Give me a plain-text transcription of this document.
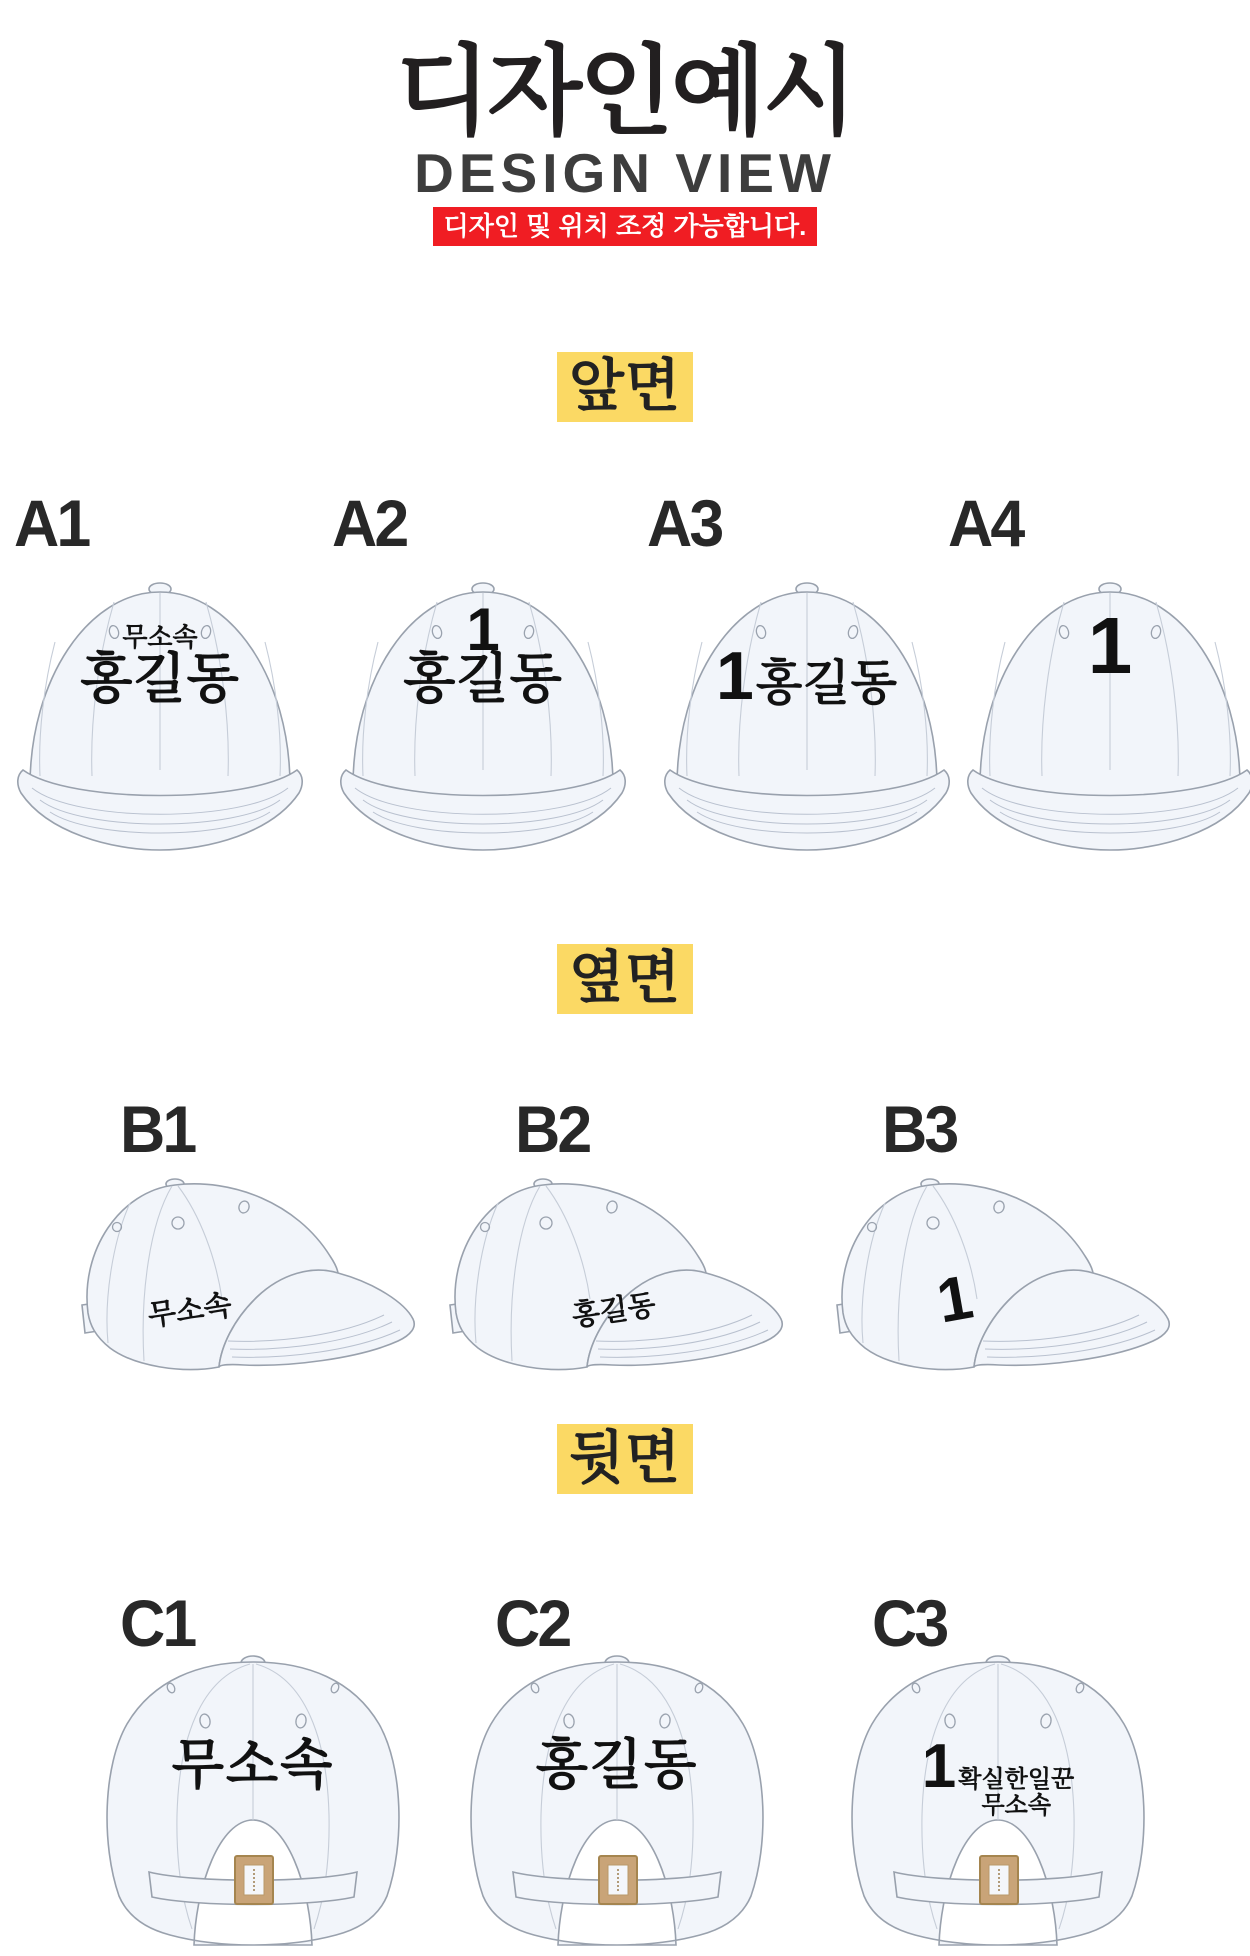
디자인예시
DESIGN VIEW
디자인 및 위치 조정 가능합니다.
앞면
A1	A2	A3	A4
무소속
홍길동
1
홍길동	1 홍길동	1
옆면
B1	B2	B3
무소속	홍길동	1
뒷면
C1	C2	C3
무소속	홍길동	1 확실한일꾼
무소속
